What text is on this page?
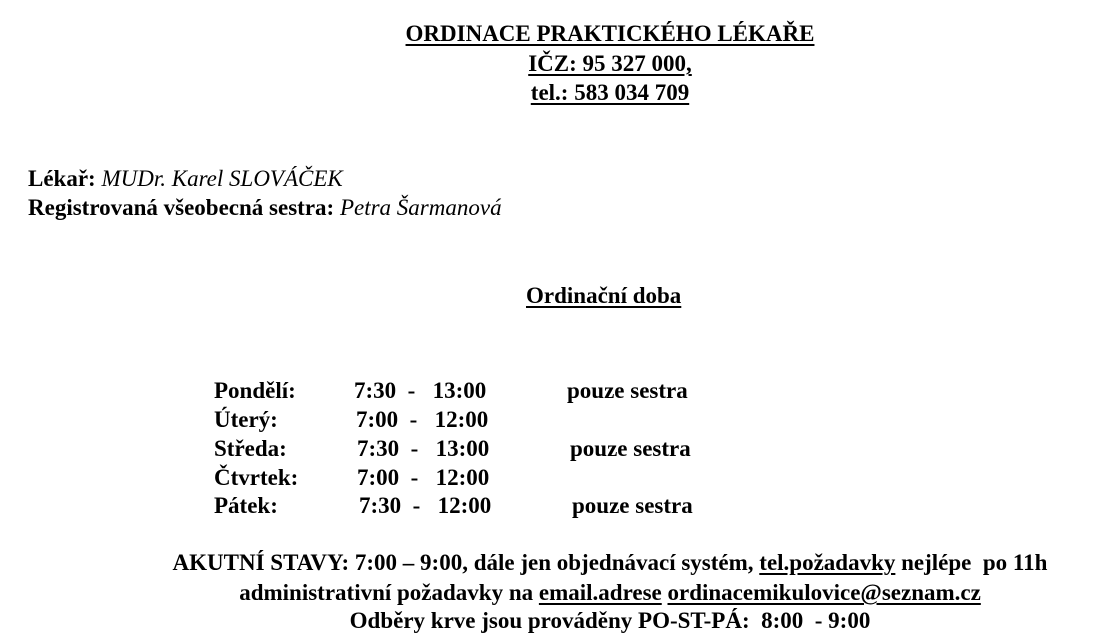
ORDINACE PRAKTICKÉHO LÉKAŘE
IČZ: 95 327 000,
tel.: 583 034 709
Lékař: MUDr. Karel SLOVÁČEK
Registrovaná všeobecná sestra: Petra Šarmanová
Ordinační doba
Pondělí:	7:30  -   13:00	pouze sestra
Úterý:	7:00  -   12:00
Středa:	7:30  -   13:00	pouze sestra
Čtvrtek:	7:00  -   12:00
Pátek:	7:30  -   12:00	pouze sestra
AKUTNÍ STAVY: 7:00 – 9:00, dále jen objednávací systém, tel.požadavky nejlépe  po 11h
administrativní požadavky na email.adrese ordinacemikulovice@seznam.cz
Odběry krve jsou prováděny PO-ST-PÁ:  8:00  - 9:00
